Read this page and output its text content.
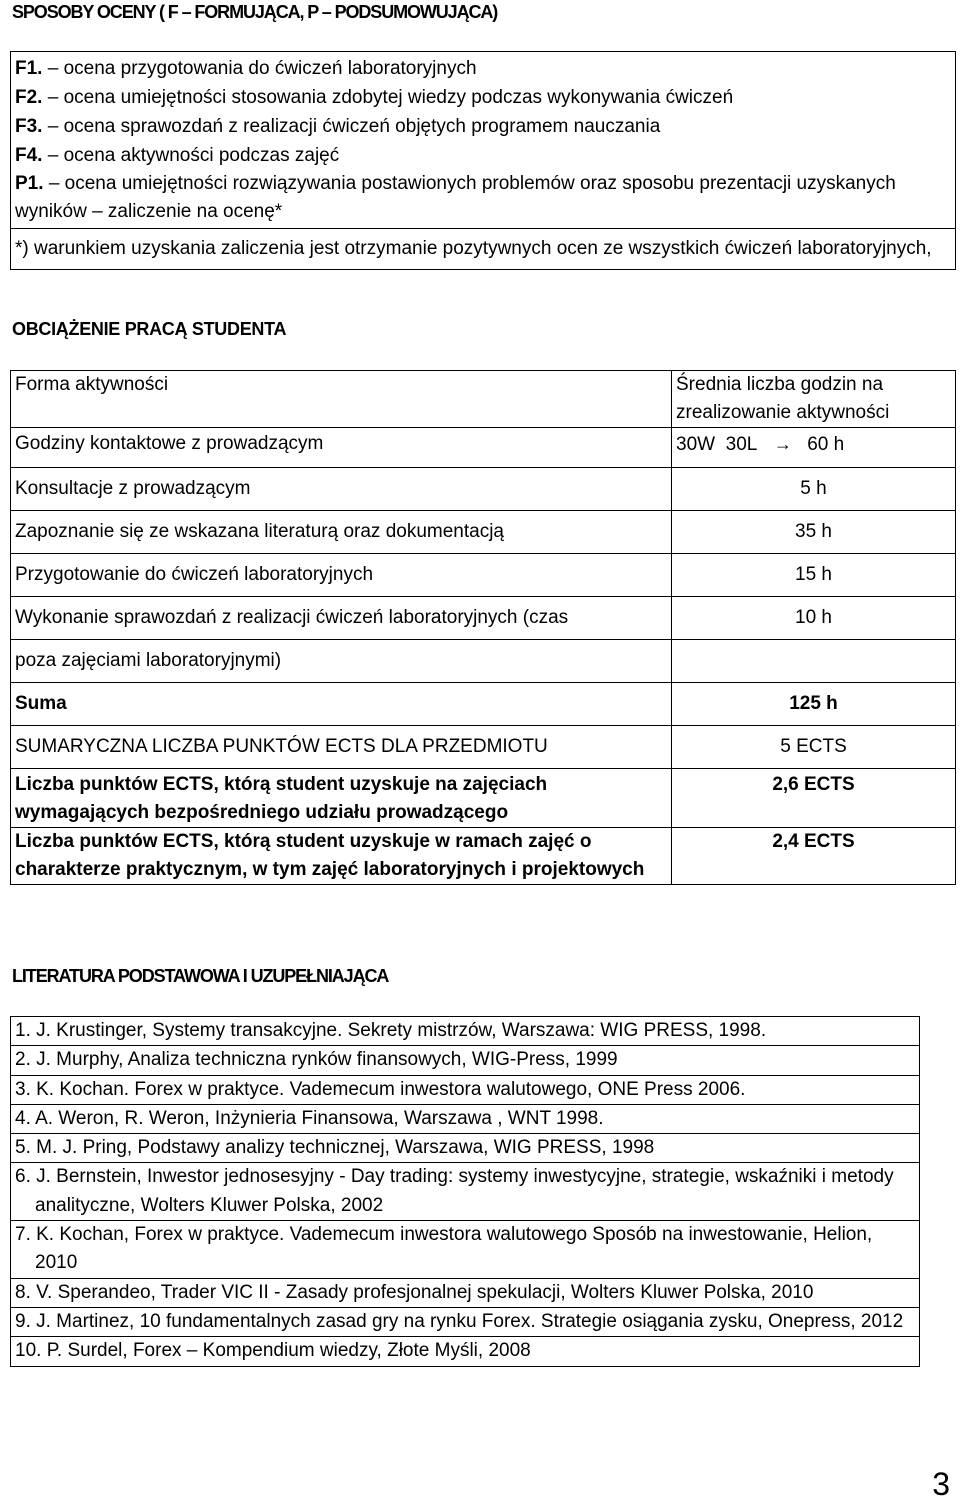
SPOSOBY OCENY ( F – FORMUJĄCA, P – PODSUMOWUJĄCA)
F1. – ocena przygotowania do ćwiczeń laboratoryjnych
F2. – ocena umiejętności stosowania zdobytej wiedzy podczas wykonywania ćwiczeń
F3. – ocena sprawozdań z realizacji ćwiczeń objętych programem nauczania
F4. – ocena aktywności podczas zajęć
P1. – ocena umiejętności rozwiązywania postawionych problemów oraz sposobu prezentacji uzyskanych wyników – zaliczenie na ocenę*

*) warunkiem uzyskania zaliczenia jest otrzymanie pozytywnych ocen ze wszystkich ćwiczeń laboratoryjnych,
OBCIĄŻENIE PRACĄ STUDENTA
Forma aktywności	Średnia liczba godzin na zrealizowanie aktywności

Godziny kontaktowe z prowadzącym	30W 30L → 60 h
Konsultacje z prowadzącym	5 h
Zapoznanie się ze wskazana literaturą oraz dokumentacją	35 h
Przygotowanie do ćwiczeń laboratoryjnych	15 h
Wykonanie sprawozdań z realizacji ćwiczeń laboratoryjnych (czas	10 h
poza zajęciami laboratoryjnymi)	
Suma	125 h
SUMARYCZNA LICZBA PUNKTÓW ECTS DLA PRZEDMIOTU	5 ECTS
Liczba punktów ECTS, którą student uzyskuje na zajęciach wymagających bezpośredniego udziału prowadzącego	2,6 ECTS
Liczba punktów ECTS, którą student uzyskuje w ramach zajęć o charakterze praktycznym, w tym zajęć laboratoryjnych i projektowych	2,4 ECTS
LITERATURA PODSTAWOWA I UZUPEŁNIAJĄCA
1. J. Krustinger, Systemy transakcyjne. Sekrety mistrzów, Warszawa: WIG PRESS, 1998.

2. J. Murphy, Analiza techniczna rynków finansowych, WIG-Press, 1999

3. K. Kochan. Forex w praktyce. Vademecum inwestora walutowego, ONE Press 2006.

4. A. Weron, R. Weron, Inżynieria Finansowa, Warszawa , WNT 1998.

5. M. J. Pring, Podstawy analizy technicznej, Warszawa, WIG PRESS, 1998

6. J. Bernstein, Inwestor jednosesyjny - Day trading: systemy inwestycyjne, strategie, wskaźniki i metody analityczne, Wolters Kluwer Polska, 2002

7. K. Kochan, Forex w praktyce. Vademecum inwestora walutowego Sposób na inwestowanie, Helion, 2010

8. V. Sperandeo, Trader VIC II - Zasady profesjonalnej spekulacji, Wolters Kluwer Polska, 2010

9. J. Martinez, 10 fundamentalnych zasad gry na rynku Forex. Strategie osiągania zysku, Onepress, 2012

10. P. Surdel, Forex – Kompendium wiedzy, Złote Myśli, 2008
3
